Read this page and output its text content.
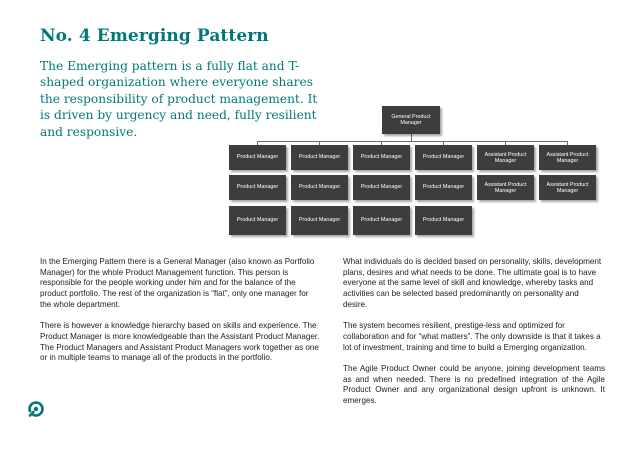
No. 4 Emerging Pattern
The Emerging pattern is a fully flat and T-shaped organization where everyone shares the responsibility of product management. It is driven by urgency and need, fully resilient and responsive.
General Product Manager
Product Manager
Product Manager
Product Manager
Product Manager
Product Manager
Product Manager
Product Manager
Product Manager
Product Manager
Product Manager
Product Manager
Product Manager
Assistant Product Manager
Assistant Product Manager
Assistant Product Manager
Assistant Product Manager

In the Emerging Pattern there is a General Manager (also known as Portfolio Manager) for the whole Product Management function. This person is responsible for the people working under him and for the balance of the product portfolio. The rest of the organization is “flat”, only one manager for the whole department.

There is however a knowledge hierarchy based on skills and experience. The Product Manager is more knowledgeable than the Assistant Product Manager. The Product Managers and Assistant Product Managers work together as one or in multiple teams to manage all of the products in the portfolio.

What individuals do is decided based on personality, skills, development plans, desires and what needs to be done. The ultimate goal is to have everyone at the same level of skill and knowledge, whereby tasks and activities can be selected based predominantly on personality and desire.

The system becomes resilient, prestige-less and optimized for collaboration and for “what matters”. The only downside is that it takes a lot of investment, training and time to build a Emerging organization.

The Agile Product Owner could be anyone, joining development teams as and when needed. There is no predefined integration of the Agile Product Owner and any organizational design upfront is unknown. It emerges.
